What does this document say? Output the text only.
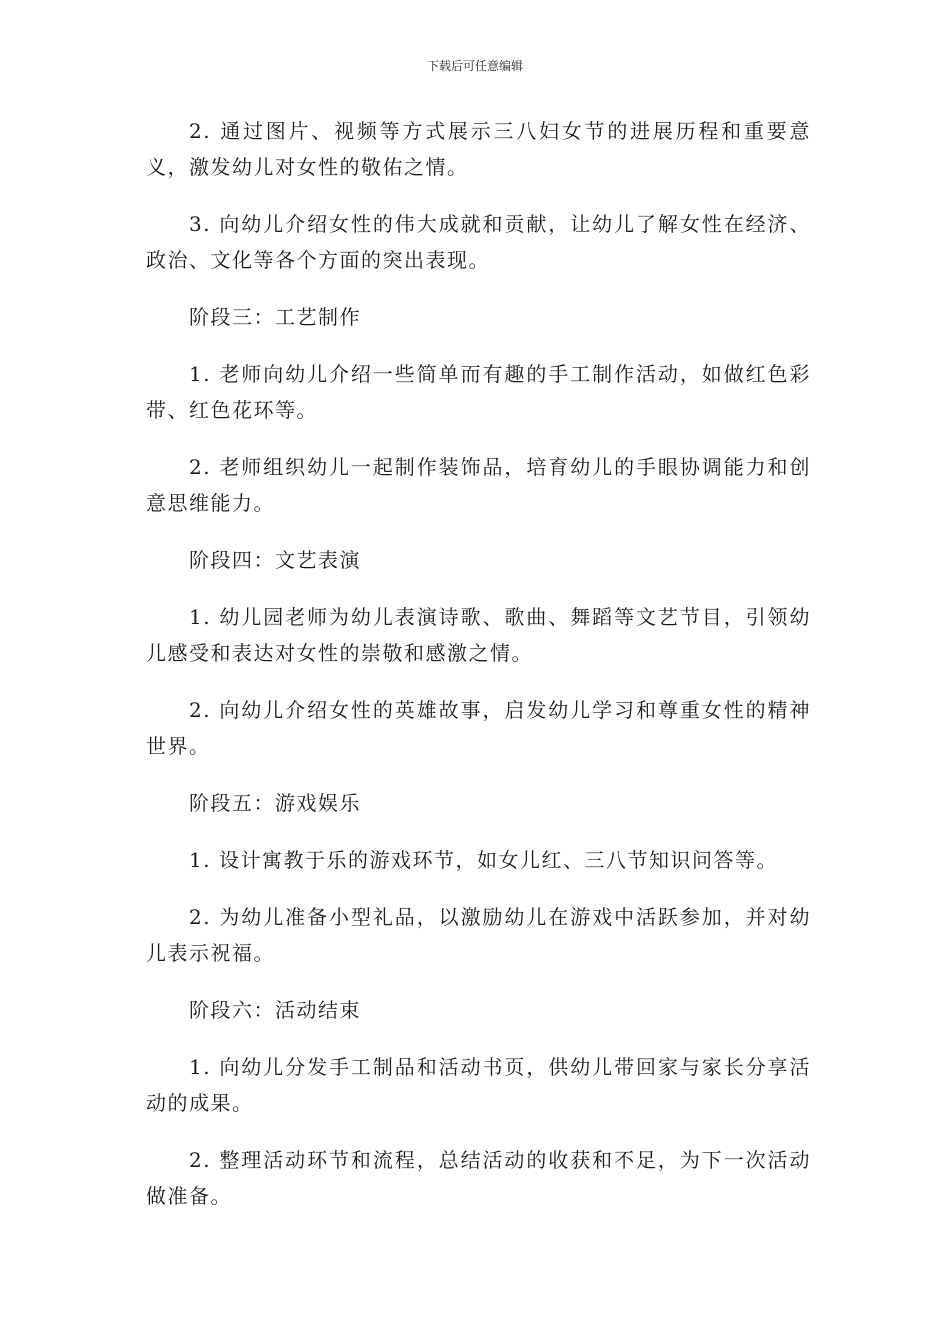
下载后可任意编辑

2. 通过图片、视频等方式展示三八妇女节的进展历程和重要意义，激发幼儿对女性的敬佑之情。

3. 向幼儿介绍女性的伟大成就和贡献，让幼儿了解女性在经济、政治、文化等各个方面的突出表现。

阶段三：工艺制作

1. 老师向幼儿介绍一些简单而有趣的手工制作活动，如做红色彩带、红色花环等。

2. 老师组织幼儿一起制作装饰品，培育幼儿的手眼协调能力和创意思维能力。

阶段四：文艺表演

1. 幼儿园老师为幼儿表演诗歌、歌曲、舞蹈等文艺节目，引领幼儿感受和表达对女性的崇敬和感激之情。

2. 向幼儿介绍女性的英雄故事，启发幼儿学习和尊重女性的精神世界。

阶段五：游戏娱乐

1. 设计寓教于乐的游戏环节，如女儿红、三八节知识问答等。

2. 为幼儿准备小型礼品，以激励幼儿在游戏中活跃参加，并对幼儿表示祝福。

阶段六：活动结束

1. 向幼儿分发手工制品和活动书页，供幼儿带回家与家长分享活动的成果。

2. 整理活动环节和流程，总结活动的收获和不足，为下一次活动做准备。
